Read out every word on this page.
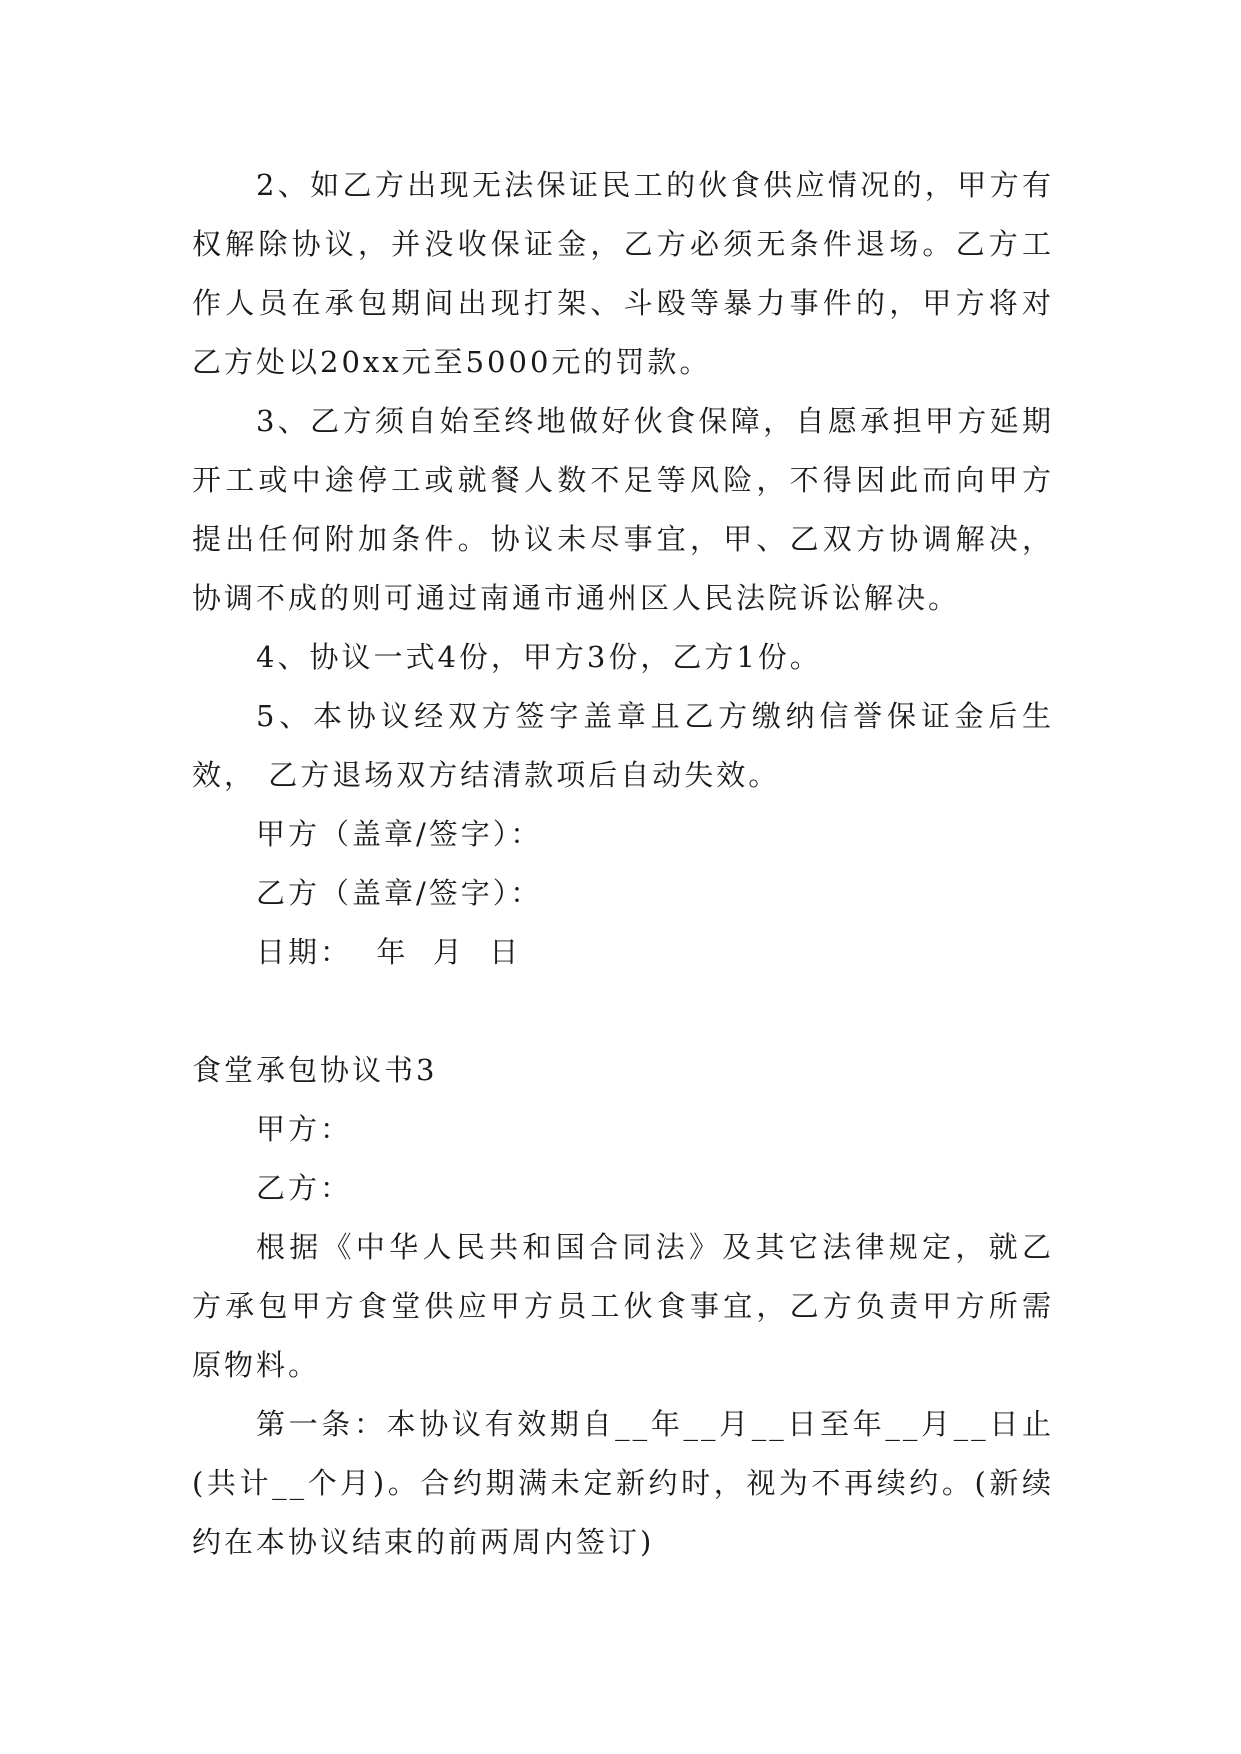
2、如乙方出现无法保证民工的伙食供应情况的，甲方有权解除协议，并没收保证金，乙方必须无条件退场。乙方工作人员在承包期间出现打架、斗殴等暴力事件的，甲方将对乙方处以20xx元至5000元的罚款。

3、乙方须自始至终地做好伙食保障，自愿承担甲方延期开工或中途停工或就餐人数不足等风险，不得因此而向甲方提出任何附加条件。协议未尽事宜，甲、乙双方协调解决，协调不成的则可通过南通市通州区人民法院诉讼解决。

4、协议一式4份，甲方3份，乙方1份。

5、本协议经双方签字盖章且乙方缴纳信誉保证金后生效， 乙方退场双方结清款项后自动失效。

甲方（盖章/签字）：

乙方（盖章/签字）：

日期：  年  月  日

食堂承包协议书3

甲方：

乙方：

根据《中华人民共和国合同法》及其它法律规定，就乙方承包甲方食堂供应甲方员工伙食事宜，乙方负责甲方所需原物料。

第一条：本协议有效期自__年__月__日至年__月__日止(共计__个月)。合约期满未定新约时，视为不再续约。(新续约在本协议结束的前两周内签订)
